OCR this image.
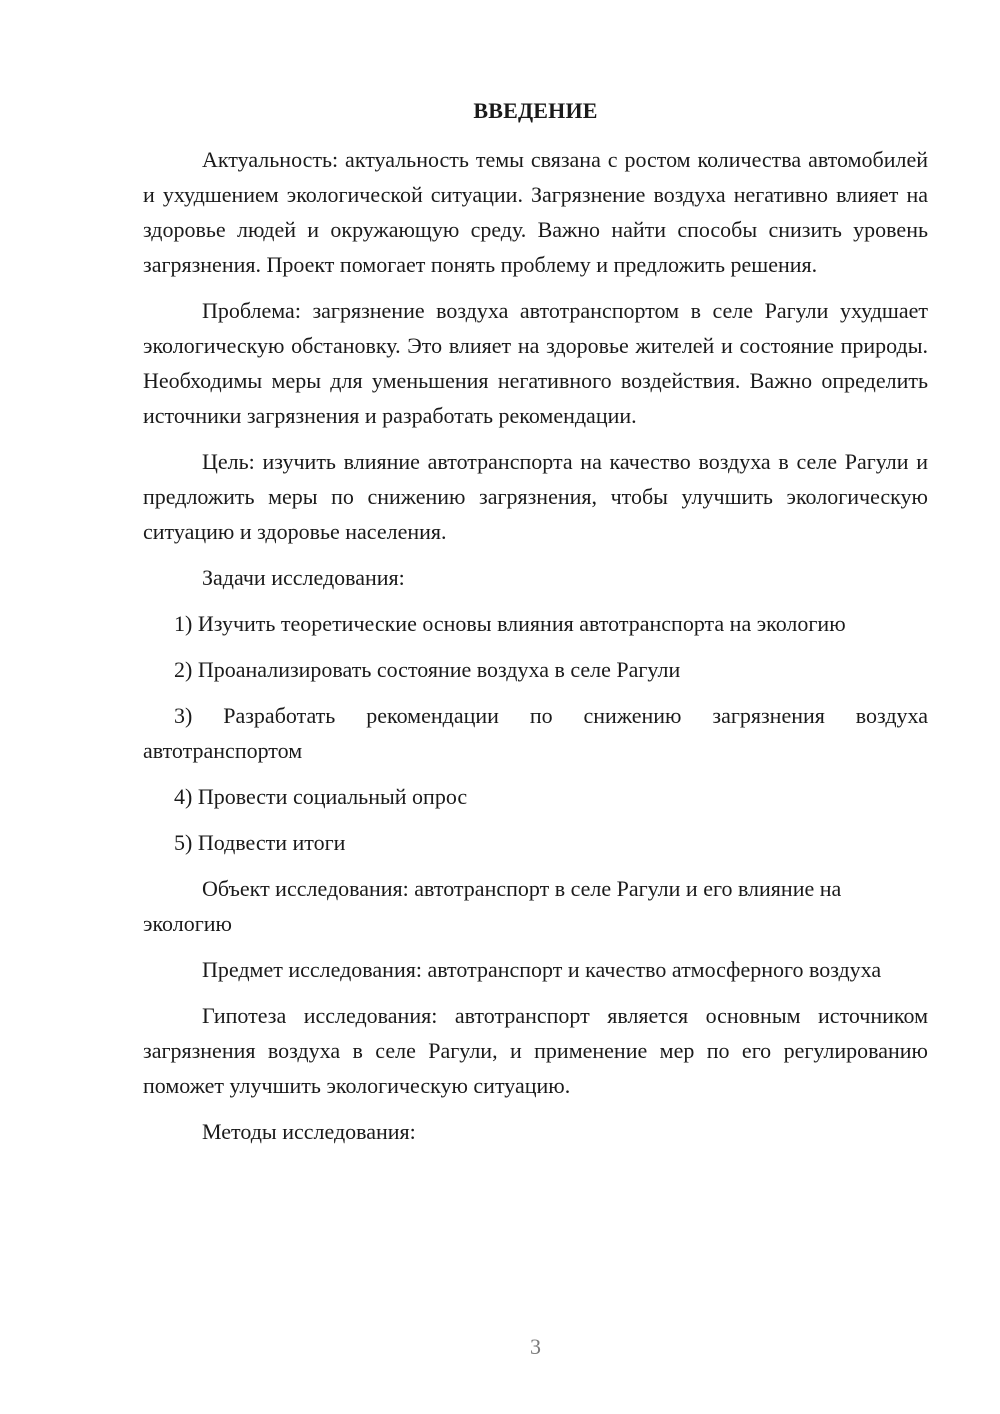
ВВЕДЕНИЕ

Актуальность: актуальность темы связана с ростом количества автомобилей и ухудшением экологической ситуации. Загрязнение воздуха негативно влияет на здоровье людей и окружающую среду. Важно найти способы снизить уровень загрязнения. Проект помогает понять проблему и предложить решения.

Проблема: загрязнение воздуха автотранспортом в селе Рагули ухудшает экологическую обстановку. Это влияет на здоровье жителей и состояние природы. Необходимы меры для уменьшения негативного воздействия. Важно определить источники загрязнения и разработать рекомендации.

Цель: изучить влияние автотранспорта на качество воздуха в селе Рагули и предложить меры по снижению загрязнения, чтобы улучшить экологическую ситуацию и здоровье населения.

Задачи исследования:

1) Изучить теоретические основы влияния автотранспорта на экологию

2) Проанализировать состояние воздуха в селе Рагули

3) Разработать рекомендации по снижению загрязнения воздуха автотранспортом

4) Провести социальный опрос

5) Подвести итоги

Объект исследования: автотранспорт в селе Рагули и его влияние на экологию

Предмет исследования: автотранспорт и качество атмосферного воздуха

Гипотеза исследования: автотранспорт является основным источником загрязнения воздуха в селе Рагули, и применение мер по его регулированию поможет улучшить экологическую ситуацию.

Методы исследования:

3
